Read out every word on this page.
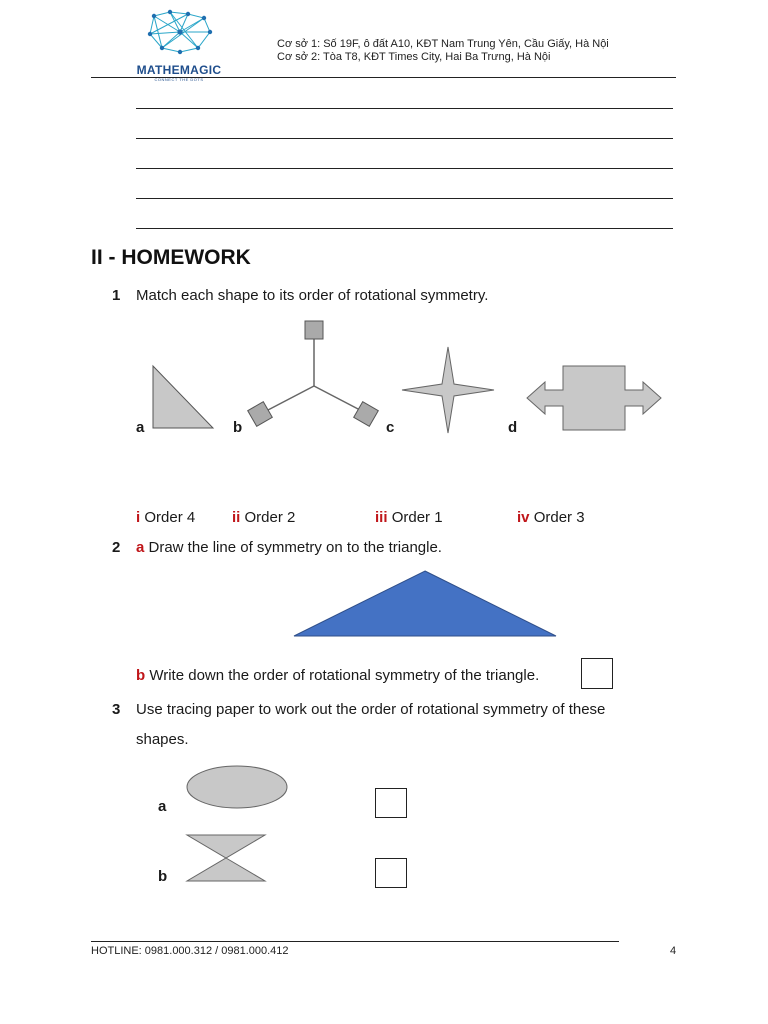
MATHEMAGIC
CONNECT THE DOTS
Cơ sở 1: Số 19F, ô đất A10, KĐT Nam Trung Yên, Cầu Giấy, Hà Nội
Cơ sở 2: Tòa T8, KĐT Times City, Hai Ba Trưng, Hà Nội
II - HOMEWORK
1 Match each shape to its order of rotational symmetry.
a	b	c	d
i Order 4 ii Order 2	iii Order 1	iv Order 3
2 a Draw the line of symmetry on to the triangle.
b Write down the order of rotational symmetry of the triangle.
3 Use tracing paper to work out the order of rotational symmetry of these
shapes.
a
b
HOTLINE: 0981.000.312 / 0981.000.412	4
